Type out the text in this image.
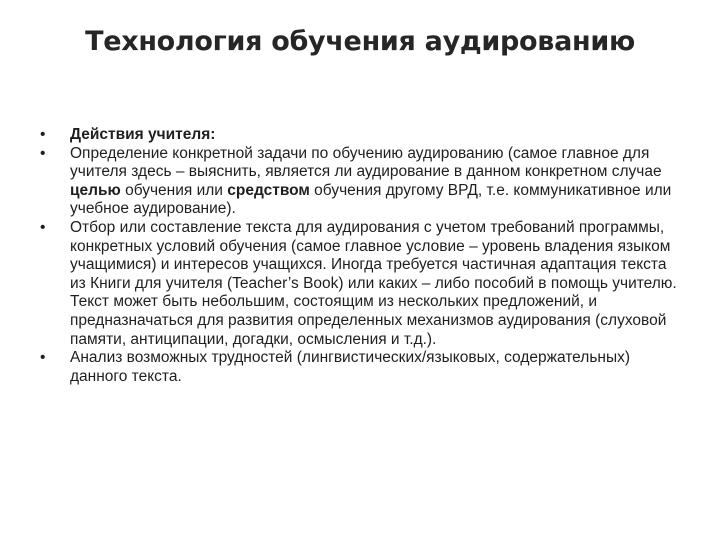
Технология обучения аудированию
•	Действия учителя:
•	Определение конкретной задачи по обучению аудированию (самое главное для учителя здесь – выяснить, является ли аудирование в данном конкретном случае целью обучения или средством обучения другому ВРД, т.е. коммуникативное или учебное аудирование).
•	Отбор или составление текста для аудирования с учетом требований программы, конкретных условий обучения (самое главное условие – уровень владения языком учащимися) и интересов учащихся. Иногда требуется частичная адаптация текста из Книги для учителя (Teacher’s Book) или каких – либо пособий в помощь учителю. Текст может быть небольшим, состоящим из нескольких предложений, и предназначаться для развития определенных механизмов аудирования (слуховой памяти, антиципации, догадки, осмысления и т.д.).
•	Анализ возможных трудностей (лингвистических/языковых, содержательных) данного текста.
